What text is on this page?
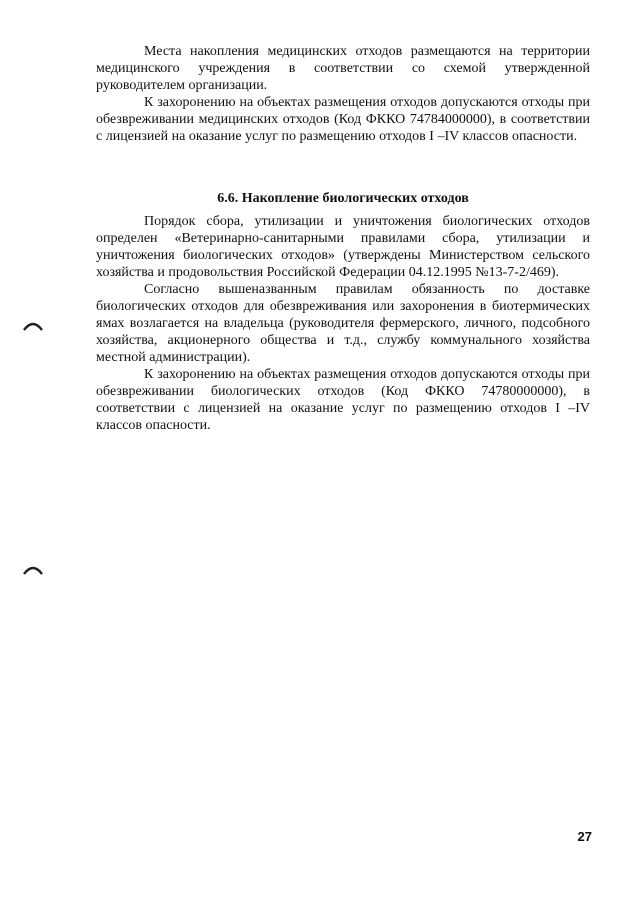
Места накопления медицинских отходов размещаются на территории медицинского учреждения в соответствии со схемой утвержденной руководителем организации.

К захоронению на объектах размещения отходов допускаются отходы при обезвреживании медицинских отходов (Код ФККО 74784000000), в соответствии с лицензией на оказание услуг по размещению отходов I –IV классов опасности.

6.6. Накопление биологических отходов

Порядок сбора, утилизации и уничтожения биологических отходов определен «Ветеринарно-санитарными правилами сбора, утилизации и уничтожения биологических отходов» (утверждены Министерством сельского хозяйства и продовольствия Российской Федерации 04.12.1995 №13-7-2/469).

Согласно вышеназванным правилам обязанность по доставке биологических отходов для обезвреживания или захоронения в биотермических ямах возлагается на владельца (руководителя фермерского, личного, подсобного хозяйства, акционерного общества и т.д., службу коммунального хозяйства местной администрации).

К захоронению на объектах размещения отходов допускаются отходы при обезвреживании биологических отходов (Код ФККО 74780000000), в соответствии с лицензией на оказание услуг по размещению отходов I –IV классов опасности.

27
